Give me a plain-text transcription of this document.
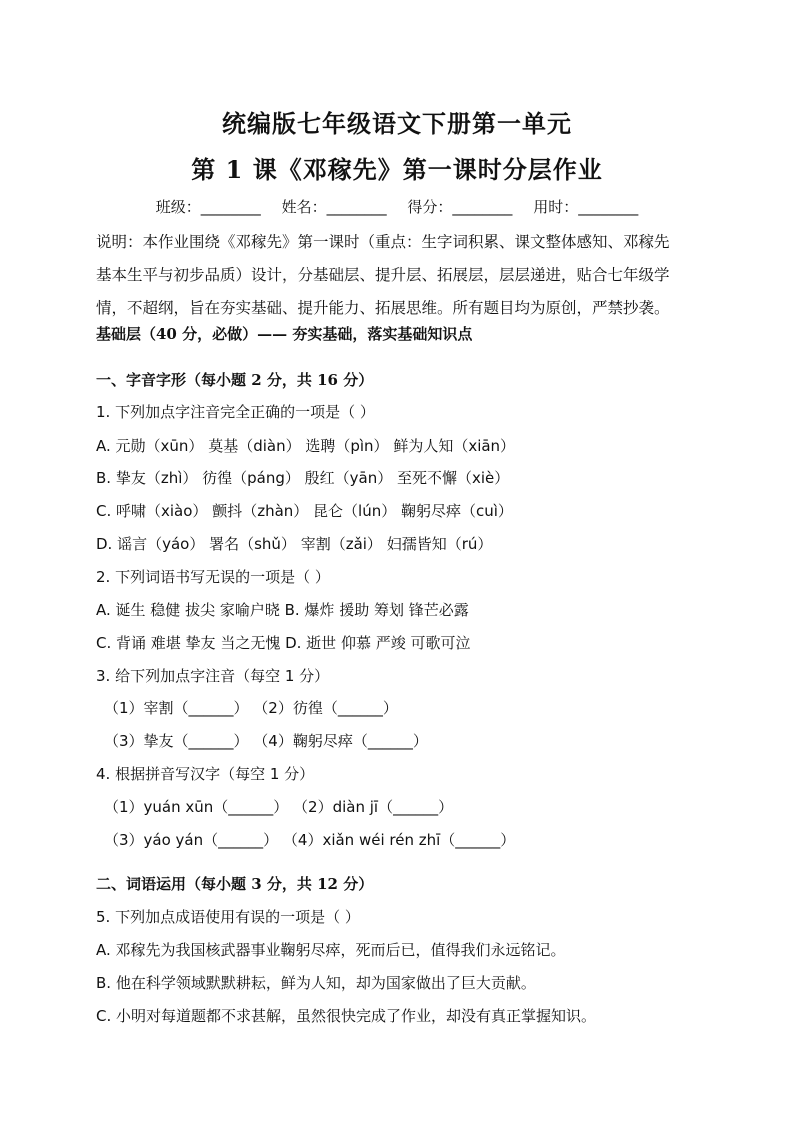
统编版七年级语文下册第一单元
第 1 课《邓稼先》第一课时分层作业
班级：________ 姓名：________ 得分：________ 用时：________
说明：本作业围绕《邓稼先》第一课时（重点：生字词积累、课文整体感知、邓稼先
基本生平与初步品质）设计，分基础层、提升层、拓展层，层层递进，贴合七年级学
情，不超纲，旨在夯实基础、提升能力、拓展思维。所有题目均为原创，严禁抄袭。
基础层（40 分，必做）—— 夯实基础，落实基础知识点
一、字音字形（每小题 2 分，共 16 分）
1. 下列加点字注音完全正确的一项是（ ）
A. 元勋（xūn） 莫基（diàn） 选聘（pìn） 鲜为人知（xiān）
B. 挚友（zhì） 彷徨（páng） 殷红（yān） 至死不懈（xiè）
C. 呼啸（xiào） 颤抖（zhàn） 昆仑（lún） 鞠躬尽瘁（cuì）
D. 谣言（yáo） 署名（shǔ） 宰割（zǎi） 妇孺皆知（rú）
2. 下列词语书写无误的一项是（ ）
A. 诞生 稳健 拔尖 家喻户晓 B. 爆炸 援助 筹划 锋芒必露
C. 背诵 难堪 挚友 当之无愧 D. 逝世 仰慕 严竣 可歌可泣
3. 给下列加点字注音（每空 1 分）
（1）宰割（______） （2）彷徨（______）
（3）挚友（______） （4）鞠躬尽瘁（______）
4. 根据拼音写汉字（每空 1 分）
（1）yuán xūn（______） （2）diàn jī（______）
（3）yáo yán（______） （4）xiǎn wéi rén zhī（______）
二、词语运用（每小题 3 分，共 12 分）
5. 下列加点成语使用有误的一项是（ ）
A. 邓稼先为我国核武器事业鞠躬尽瘁，死而后已，值得我们永远铭记。
B. 他在科学领域默默耕耘，鲜为人知，却为国家做出了巨大贡献。
C. 小明对每道题都不求甚解，虽然很快完成了作业，却没有真正掌握知识。
